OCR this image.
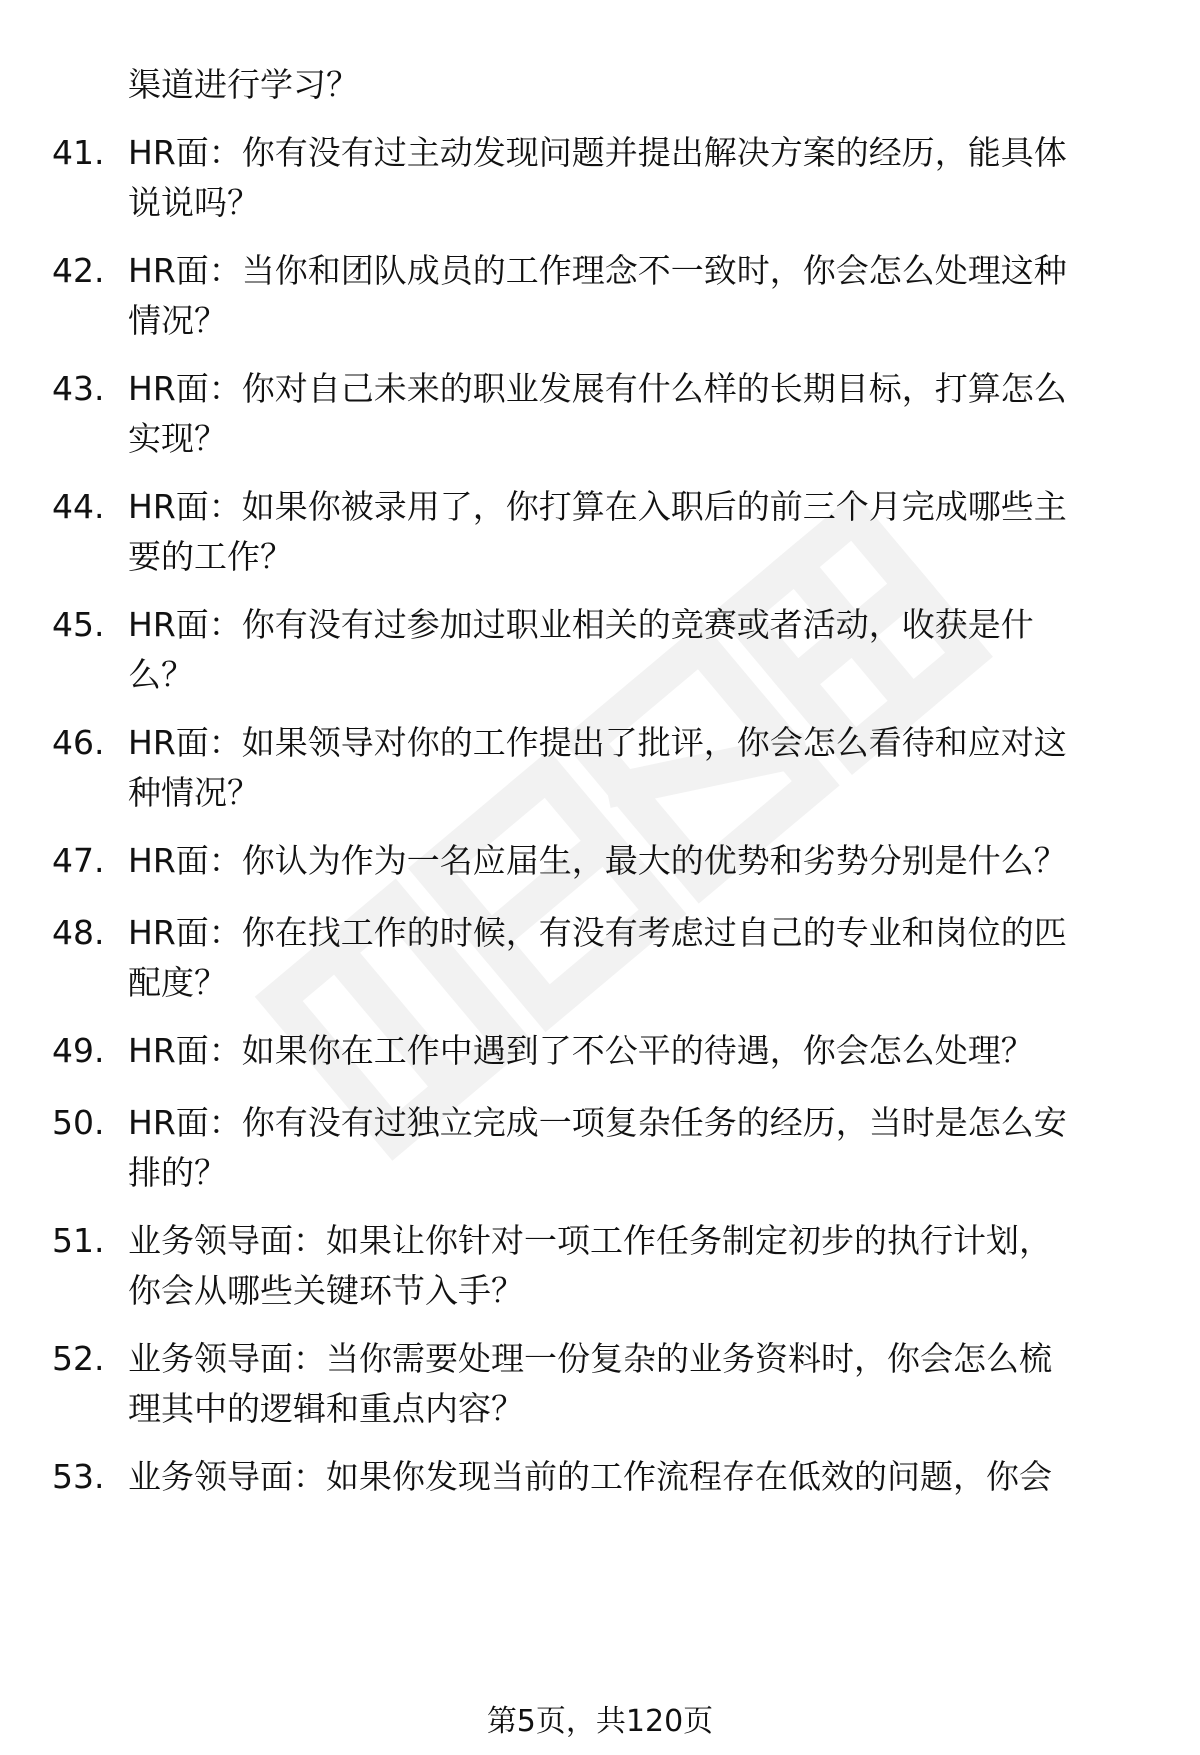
渠道进行学习？
41. HR面：你有没有过主动发现问题并提出解决方案的经历，能具体
说说吗？
42. HR面：当你和团队成员的工作理念不一致时，你会怎么处理这种
情况？
43. HR面：你对自己未来的职业发展有什么样的长期目标，打算怎么
实现？
44. HR面：如果你被录用了，你打算在入职后的前三个月完成哪些主
要的工作？
45. HR面：你有没有过参加过职业相关的竞赛或者活动，收获是什
么？
46. HR面：如果领导对你的工作提出了批评，你会怎么看待和应对这
种情况？
47. HR面：你认为作为一名应届生，最大的优势和劣势分别是什么？
48. HR面：你在找工作的时候，有没有考虑过自己的专业和岗位的匹
配度？
49. HR面：如果你在工作中遇到了不公平的待遇，你会怎么处理？
50. HR面：你有没有过独立完成一项复杂任务的经历，当时是怎么安
排的？
51. 业务领导面：如果让你针对一项工作任务制定初步的执行计划，
你会从哪些关键环节入手？
52. 业务领导面：当你需要处理一份复杂的业务资料时，你会怎么梳
理其中的逻辑和重点内容？
53. 业务领导面：如果你发现当前的工作流程存在低效的问题，你会
第5页，共120页
